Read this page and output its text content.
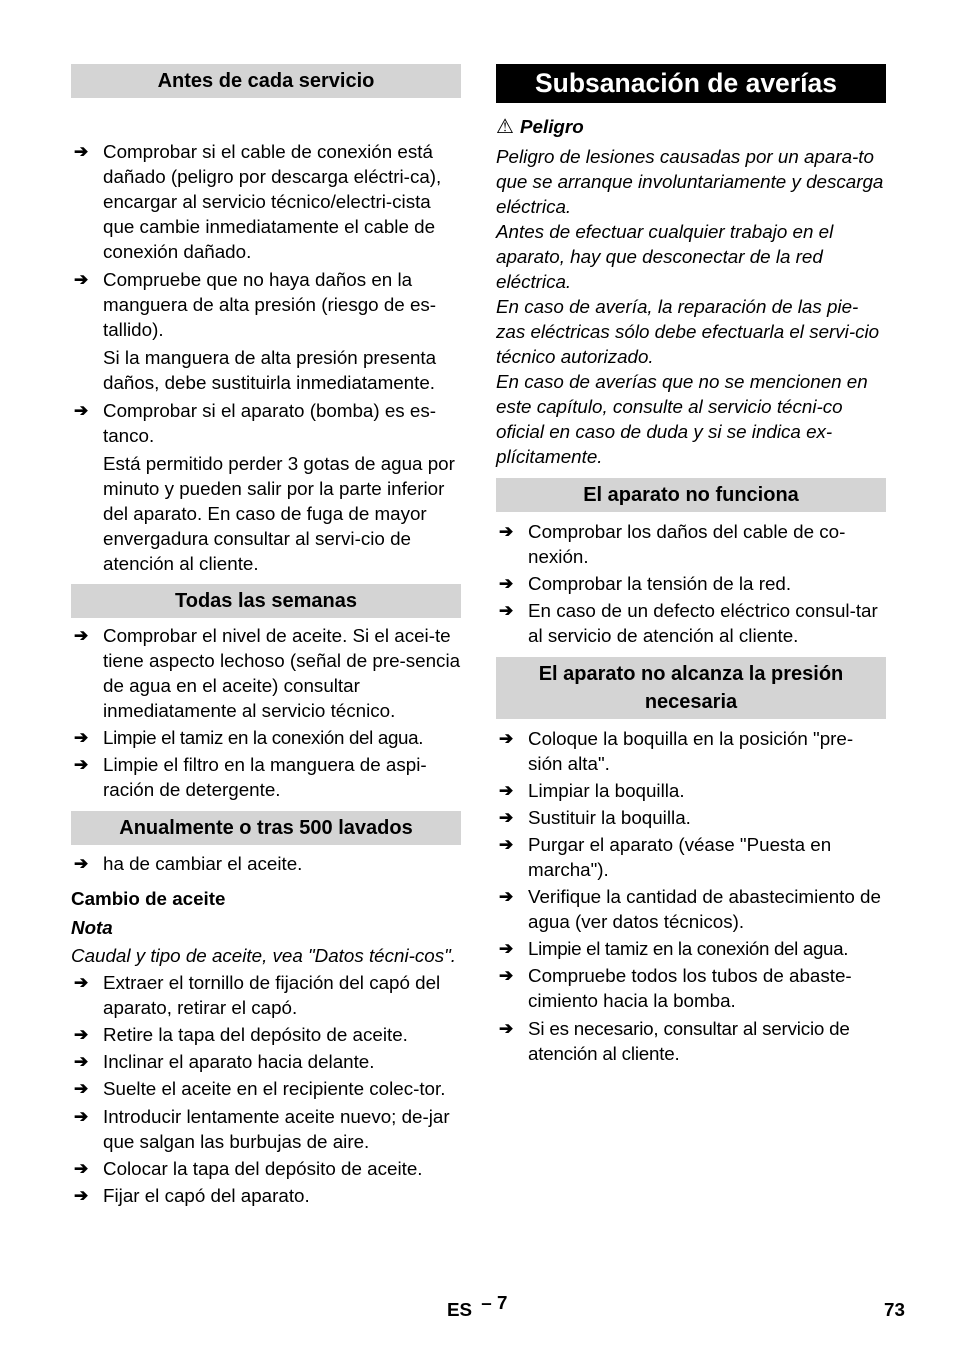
Antes de cada servicio
➔ Comprobar si el cable de conexión está dañado (peligro por descarga eléctri-ca), encargar al servicio técnico/electri-cista que cambie inmediatamente el cable de conexión dañado.
➔ Compruebe que no haya daños en la manguera de alta presión (riesgo de es-tallido).

Si la manguera de alta presión presenta daños, debe sustituirla inmediatamente.

➔ Comprobar si el aparato (bomba) es es-tanco.

Está permitido perder 3 gotas de agua por minuto y pueden salir por la parte inferior del aparato. En caso de fuga de mayor envergadura consultar al servi-cio de atención al cliente.

Todas las semanas
➔ Comprobar el nivel de aceite. Si el acei-te tiene aspecto lechoso (señal de pre-sencia de agua en el aceite) consultar inmediatamente al servicio técnico.
➔ Limpie el tamiz en la conexión del agua.
➔ Limpie el filtro en la manguera de aspi-ración de detergente.
Anualmente o tras 500 lavados
➔ ha de cambiar el aceite.

Cambio de aceite

Nota

Caudal y tipo de aceite, vea "Datos técni-cos".

➔ Extraer el tornillo de fijación del capó del aparato, retirar el capó.
➔ Retire la tapa del depósito de aceite.
➔ Inclinar el aparato hacia delante.
➔ Suelte el aceite en el recipiente colec-tor.
➔ Introducir lentamente aceite nuevo; de-jar que salgan las burbujas de aire.
➔ Colocar la tapa del depósito de aceite.
➔ Fijar el capó del aparato.
Subsanación de averías

⚠ Peligro

Peligro de lesiones causadas por un apara-to que se arranque involuntariamente y descarga eléctrica.

Antes de efectuar cualquier trabajo en el aparato, hay que desconectar de la red eléctrica.

En caso de avería, la reparación de las pie-zas eléctricas sólo debe efectuarla el servi-cio técnico autorizado.

En caso de averías que no se mencionen en este capítulo, consulte al servicio técni-co oficial en caso de duda y si se indica ex-plícitamente.

El aparato no funciona
➔ Comprobar los daños del cable de co-nexión.
➔ Comprobar la tensión de la red.
➔ En caso de un defecto eléctrico consul-tar al servicio de atención al cliente.
El aparato no alcanza la presión necesaria
➔ Coloque la boquilla en la posición "pre-sión alta".
➔ Limpiar la boquilla.
➔ Sustituir la boquilla.
➔ Purgar el aparato (véase "Puesta en marcha").
➔ Verifique la cantidad de abastecimiento de agua (ver datos técnicos).
➔ Limpie el tamiz en la conexión del agua.
➔ Compruebe todos los tubos de abaste-cimiento hacia la bomba.
➔ Si es necesario, consultar al servicio de atención al cliente.
ES – 7	73
